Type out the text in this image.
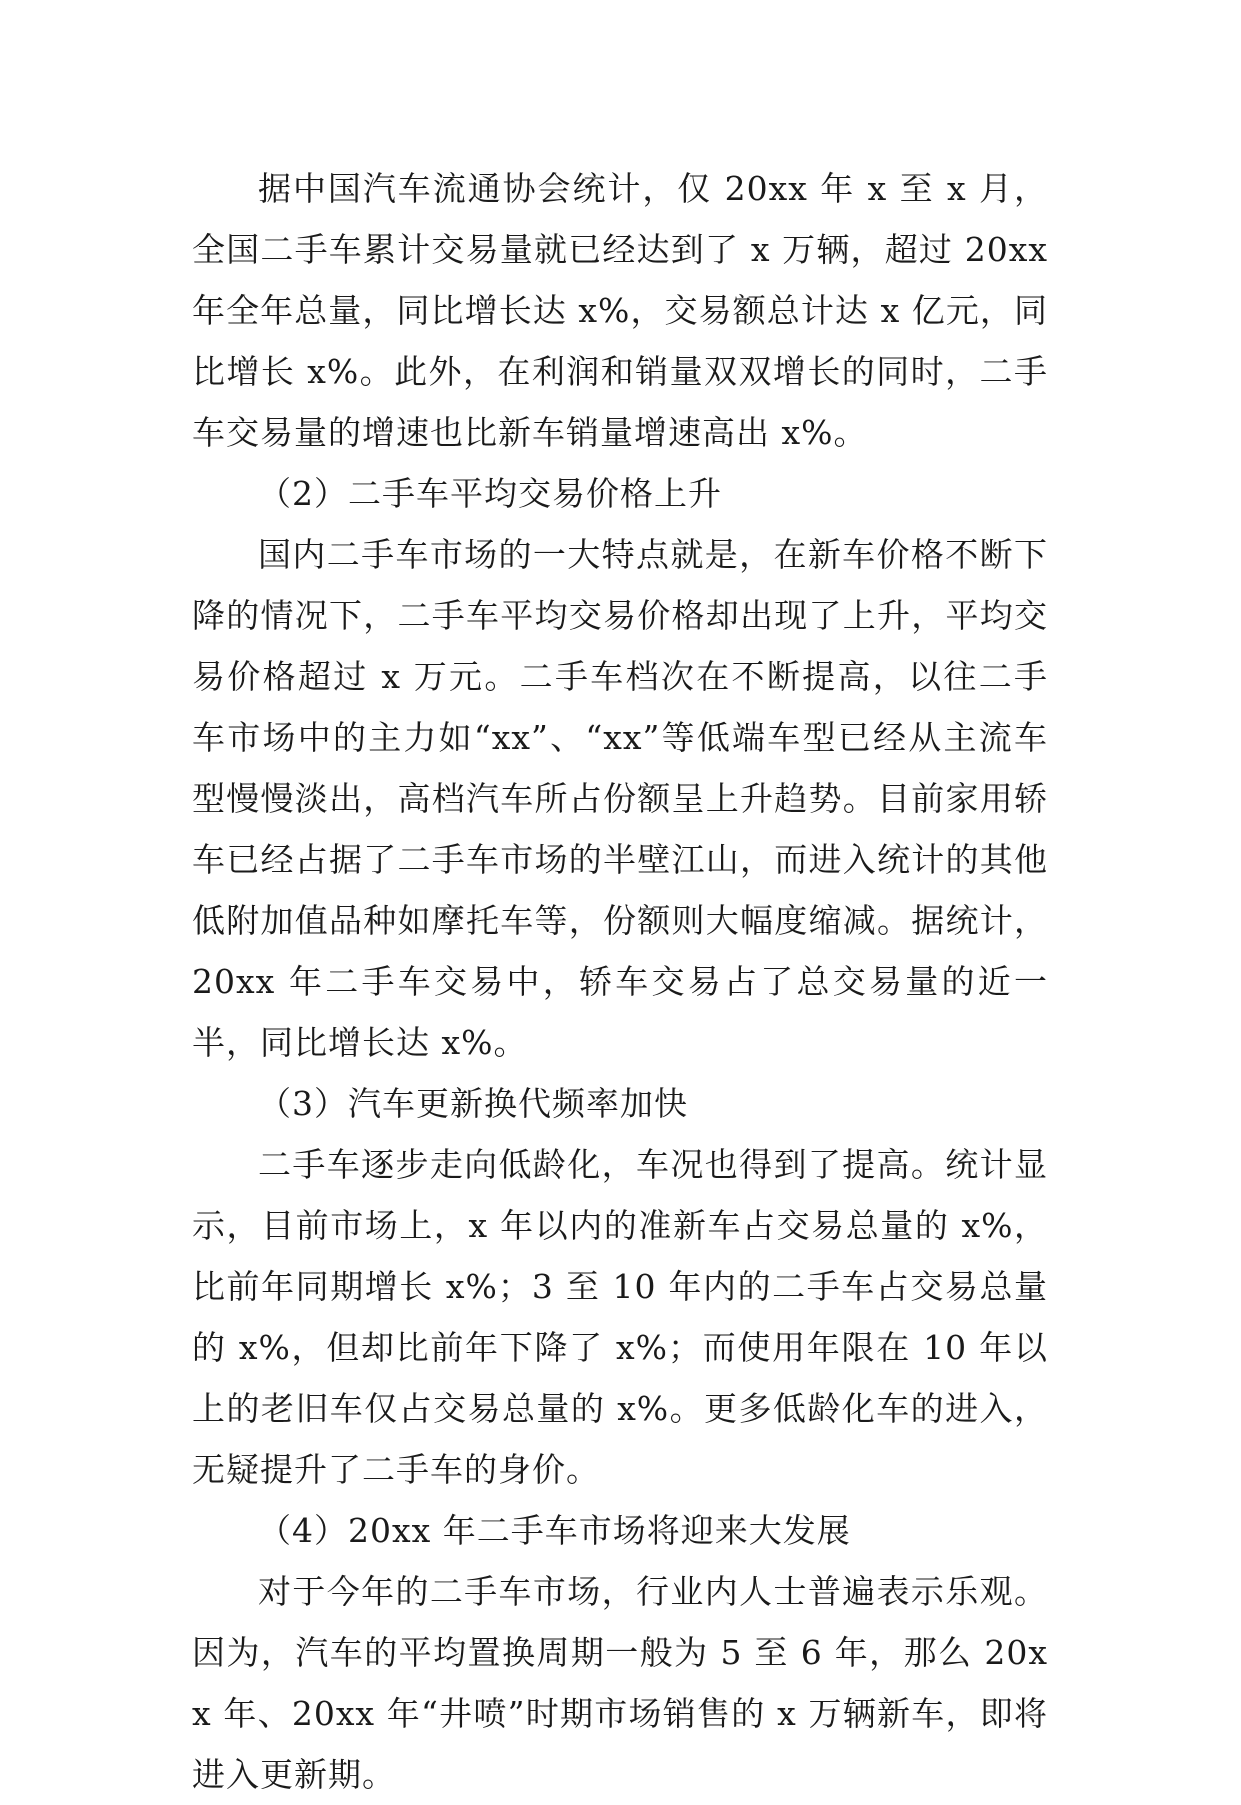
据中国汽车流通协会统计，仅 20xx 年 x 至 x 月，全国二手车累计交易量就已经达到了 x 万辆，超过 20xx 年全年总量，同比增长达 x%，交易额总计达 x 亿元，同比增长 x%。此外，在利润和销量双双增长的同时，二手车交易量的增速也比新车销量增速高出 x%。

（2）二手车平均交易价格上升

国内二手车市场的一大特点就是，在新车价格不断下降的情况下，二手车平均交易价格却出现了上升，平均交易价格超过 x 万元。二手车档次在不断提高，以往二手车市场中的主力如“xx”、“xx”等低端车型已经从主流车型慢慢淡出，高档汽车所占份额呈上升趋势。目前家用轿车已经占据了二手车市场的半壁江山，而进入统计的其他低附加值品种如摩托车等，份额则大幅度缩减。据统计，20xx 年二手车交易中，轿车交易占了总交易量的近一半，同比增长达 x%。

（3）汽车更新换代频率加快

二手车逐步走向低龄化，车况也得到了提高。统计显示，目前市场上，x 年以内的准新车占交易总量的 x%，比前年同期增长 x%；3 至 10 年内的二手车占交易总量的 x%，但却比前年下降了 x%；而使用年限在 10 年以上的老旧车仅占交易总量的 x%。更多低龄化车的进入，无疑提升了二手车的身价。

（4）20xx 年二手车市场将迎来大发展

对于今年的二手车市场，行业内人士普遍表示乐观。因为，汽车的平均置换周期一般为 5 至 6 年，那么 20xx 年、20xx 年“井喷”时期市场销售的 x 万辆新车，即将进入更新期。
